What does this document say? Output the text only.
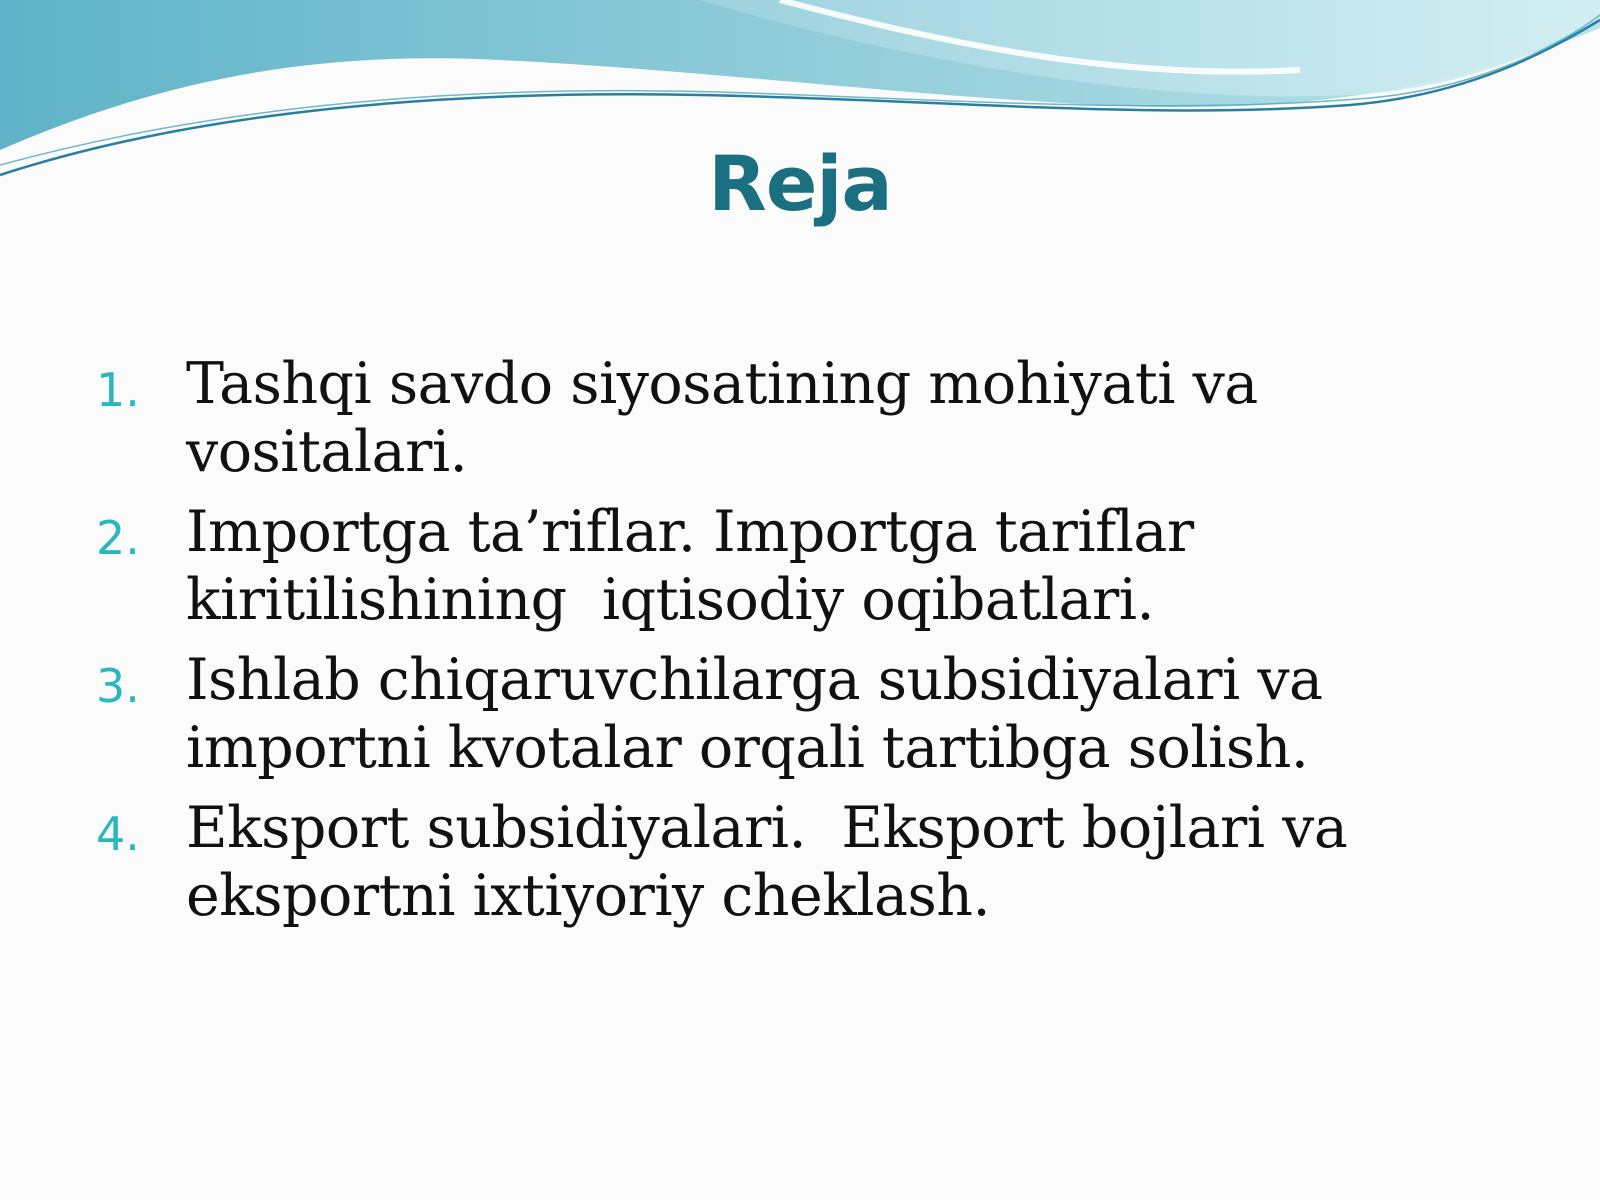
Reja
1. Tashqi savdo siyosatining mohiyati va vositalari.
2. Importga ta’riflar. Importga tariflar kiritilishining  iqtisodiy oqibatlari.
3. Ishlab chiqaruvchilarga subsidiyalari va importni kvotalar orqali tartibga solish.
4. Eksport subsidiyalari.  Eksport bojlari va eksportni ixtiyoriy cheklash.
